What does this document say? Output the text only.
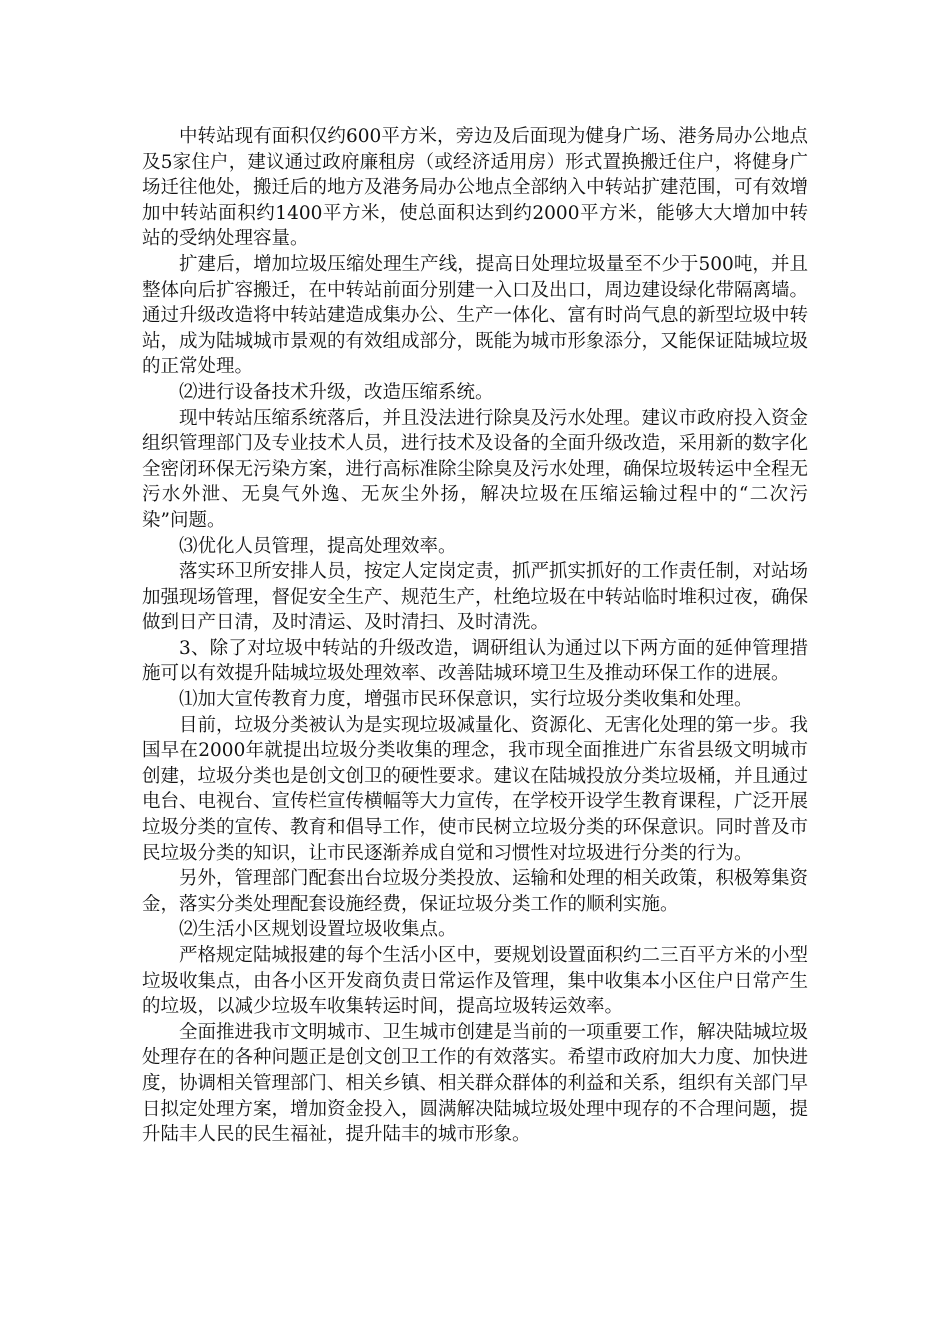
中转站现有面积仅约600平方米，旁边及后面现为健身广场、港务局办公地点及5家住户，建议通过政府廉租房（或经济适用房）形式置换搬迁住户，将健身广场迁往他处，搬迁后的地方及港务局办公地点全部纳入中转站扩建范围，可有效增加中转站面积约1400平方米，使总面积达到约2000平方米，能够大大增加中转站的受纳处理容量。

扩建后，增加垃圾压缩处理生产线，提高日处理垃圾量至不少于500吨，并且整体向后扩容搬迁，在中转站前面分别建一入口及出口，周边建设绿化带隔离墙。通过升级改造将中转站建造成集办公、生产一体化、富有时尚气息的新型垃圾中转站，成为陆城城市景观的有效组成部分，既能为城市形象添分，又能保证陆城垃圾的正常处理。

⑵进行设备技术升级，改造压缩系统。

现中转站压缩系统落后，并且没法进行除臭及污水处理。建议市政府投入资金组织管理部门及专业技术人员，进行技术及设备的全面升级改造，采用新的数字化全密闭环保无污染方案，进行高标准除尘除臭及污水处理，确保垃圾转运中全程无污水外泄、无臭气外逸、无灰尘外扬，解决垃圾在压缩运输过程中的“二次污染”问题。

⑶优化人员管理，提高处理效率。

落实环卫所安排人员，按定人定岗定责，抓严抓实抓好的工作责任制，对站场加强现场管理，督促安全生产、规范生产，杜绝垃圾在中转站临时堆积过夜，确保做到日产日清，及时清运、及时清扫、及时清洗。

3、除了对垃圾中转站的升级改造，调研组认为通过以下两方面的延伸管理措施可以有效提升陆城垃圾处理效率、改善陆城环境卫生及推动环保工作的进展。

⑴加大宣传教育力度，增强市民环保意识，实行垃圾分类收集和处理。

目前，垃圾分类被认为是实现垃圾减量化、资源化、无害化处理的第一步。我国早在2000年就提出垃圾分类收集的理念，我市现全面推进广东省县级文明城市创建，垃圾分类也是创文创卫的硬性要求。建议在陆城投放分类垃圾桶，并且通过电台、电视台、宣传栏宣传横幅等大力宣传，在学校开设学生教育课程，广泛开展垃圾分类的宣传、教育和倡导工作，使市民树立垃圾分类的环保意识。同时普及市民垃圾分类的知识，让市民逐渐养成自觉和习惯性对垃圾进行分类的行为。

另外，管理部门配套出台垃圾分类投放、运输和处理的相关政策，积极筹集资金，落实分类处理配套设施经费，保证垃圾分类工作的顺利实施。

⑵生活小区规划设置垃圾收集点。

严格规定陆城报建的每个生活小区中，要规划设置面积约二三百平方米的小型垃圾收集点，由各小区开发商负责日常运作及管理，集中收集本小区住户日常产生的垃圾，以减少垃圾车收集转运时间，提高垃圾转运效率。

全面推进我市文明城市、卫生城市创建是当前的一项重要工作，解决陆城垃圾处理存在的各种问题正是创文创卫工作的有效落实。希望市政府加大力度、加快进度，协调相关管理部门、相关乡镇、相关群众群体的利益和关系，组织有关部门早日拟定处理方案，增加资金投入，圆满解决陆城垃圾处理中现存的不合理问题，提升陆丰人民的民生福祉，提升陆丰的城市形象。
